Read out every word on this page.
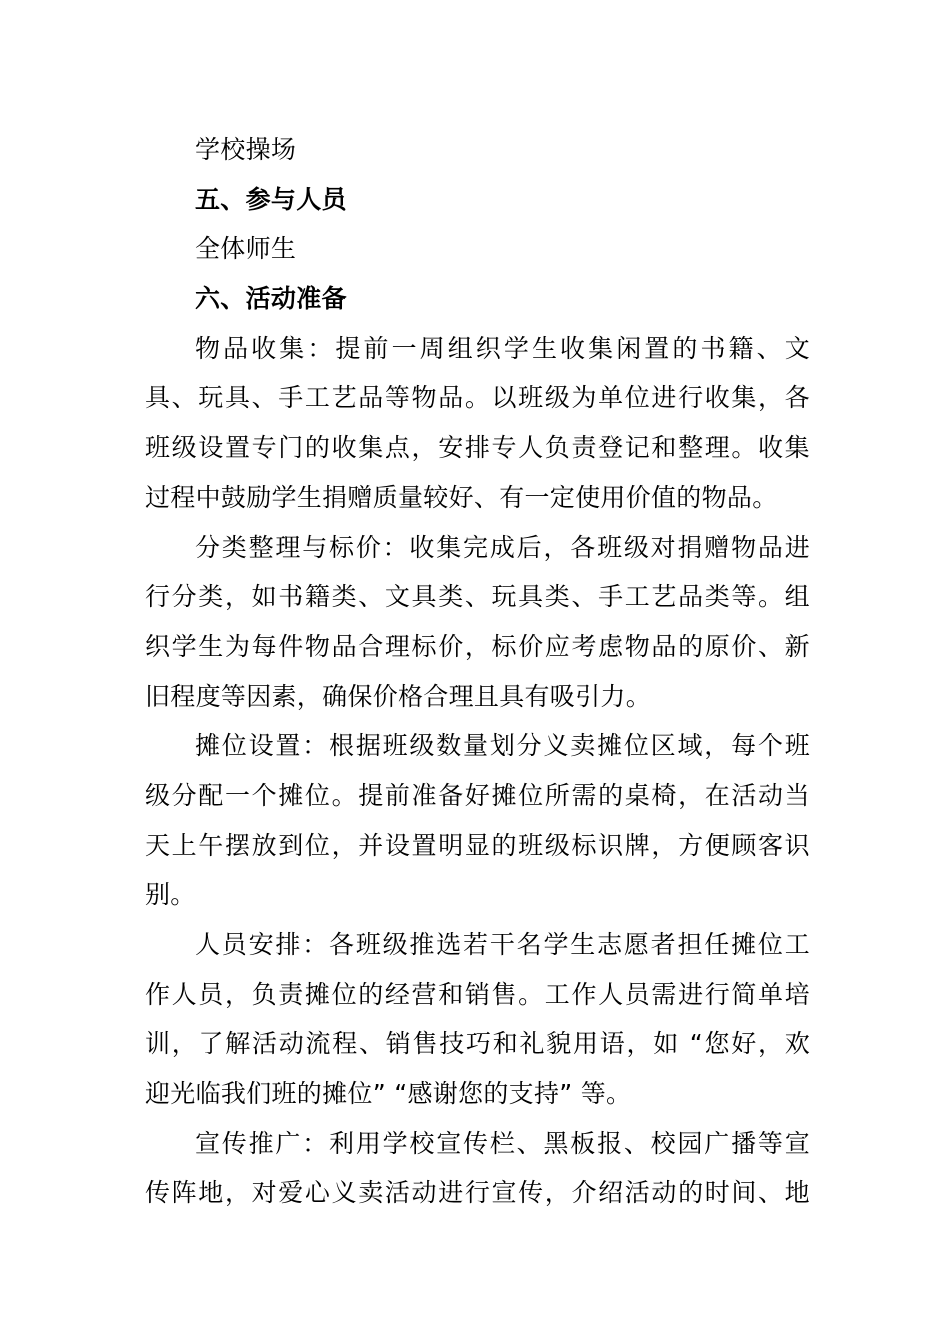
学校操场
五、参与人员
全体师生
六、活动准备
物品收集：提前一周组织学生收集闲置的书籍、文
具、玩具、手工艺品等物品。以班级为单位进行收集，各
班级设置专门的收集点，安排专人负责登记和整理。收集
过程中鼓励学生捐赠质量较好、有一定使用价值的物品。
分类整理与标价：收集完成后，各班级对捐赠物品进
行分类，如书籍类、文具类、玩具类、手工艺品类等。组
织学生为每件物品合理标价，标价应考虑物品的原价、新
旧程度等因素，确保价格合理且具有吸引力。
摊位设置：根据班级数量划分义卖摊位区域，每个班
级分配一个摊位。提前准备好摊位所需的桌椅，在活动当
天上午摆放到位，并设置明显的班级标识牌，方便顾客识
别。
人员安排：各班级推选若干名学生志愿者担任摊位工
作人员，负责摊位的经营和销售。工作人员需进行简单培
训，了解活动流程、销售技巧和礼貌用语，如 “您好，欢
迎光临我们班的摊位” “感谢您的支持” 等。
宣传推广：利用学校宣传栏、黑板报、校园广播等宣
传阵地，对爱心义卖活动进行宣传，介绍活动的时间、地
